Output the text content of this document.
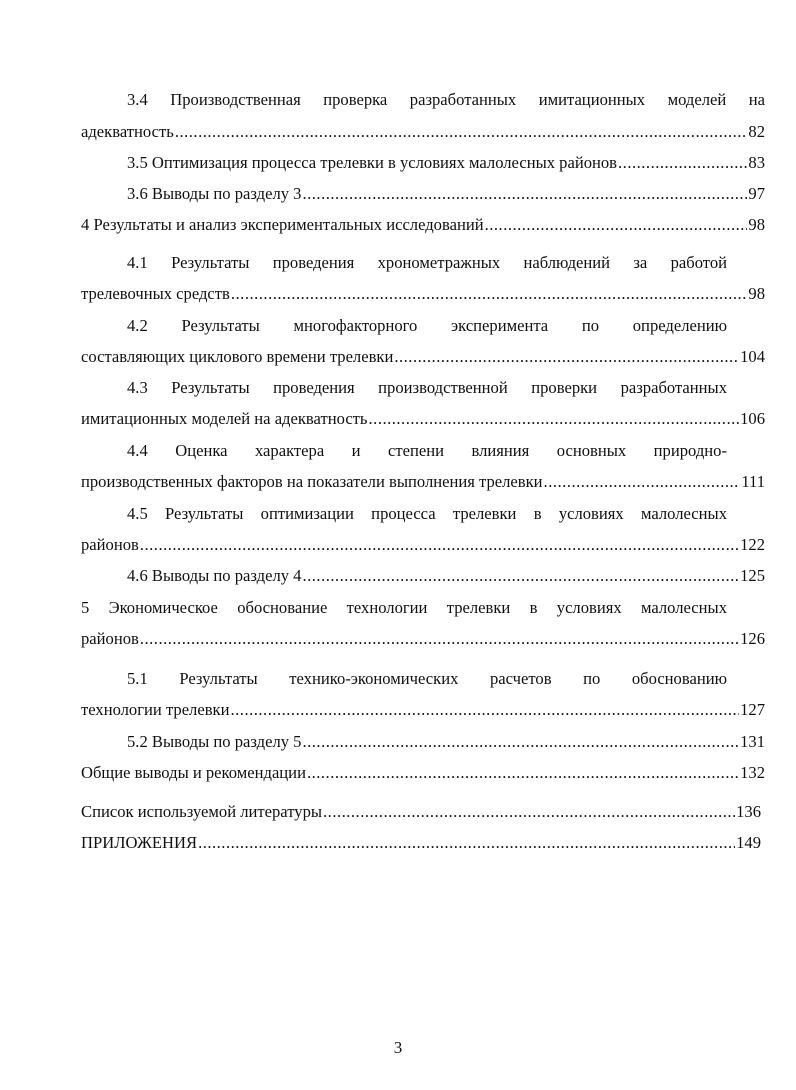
3.4 Производственная проверка разработанных имитационных моделей на
адекватность .....	82
3.5 Оптимизация процесса трелевки в условиях малолесных районов .....	83
3.6 Выводы по разделу 3 .....	97
4 Результаты и анализ экспериментальных исследований .....	98
4.1 Результаты проведения хронометражных наблюдений за работой
трелевочных средств .....	98
4.2 Результаты многофакторного эксперимента по определению
составляющих циклового времени трелевки .....	104
4.3 Результаты проведения производственной проверки разработанных
имитационных моделей на адекватность .....	106
4.4 Оценка характера и степени влияния основных природно-
производственных факторов на показатели выполнения трелевки .....	111
4.5 Результаты оптимизации процесса трелевки в условиях малолесных
районов .....	122
4.6 Выводы по разделу 4 .....	125
5 Экономическое обоснование технологии трелевки в условиях малолесных
районов .....	126
5.1 Результаты технико-экономических расчетов по обоснованию
технологии трелевки .....	127
5.2 Выводы по разделу 5 .....	131
Общие выводы и рекомендации .....	132
Список используемой литературы .....	136
ПРИЛОЖЕНИЯ .....	149
3
